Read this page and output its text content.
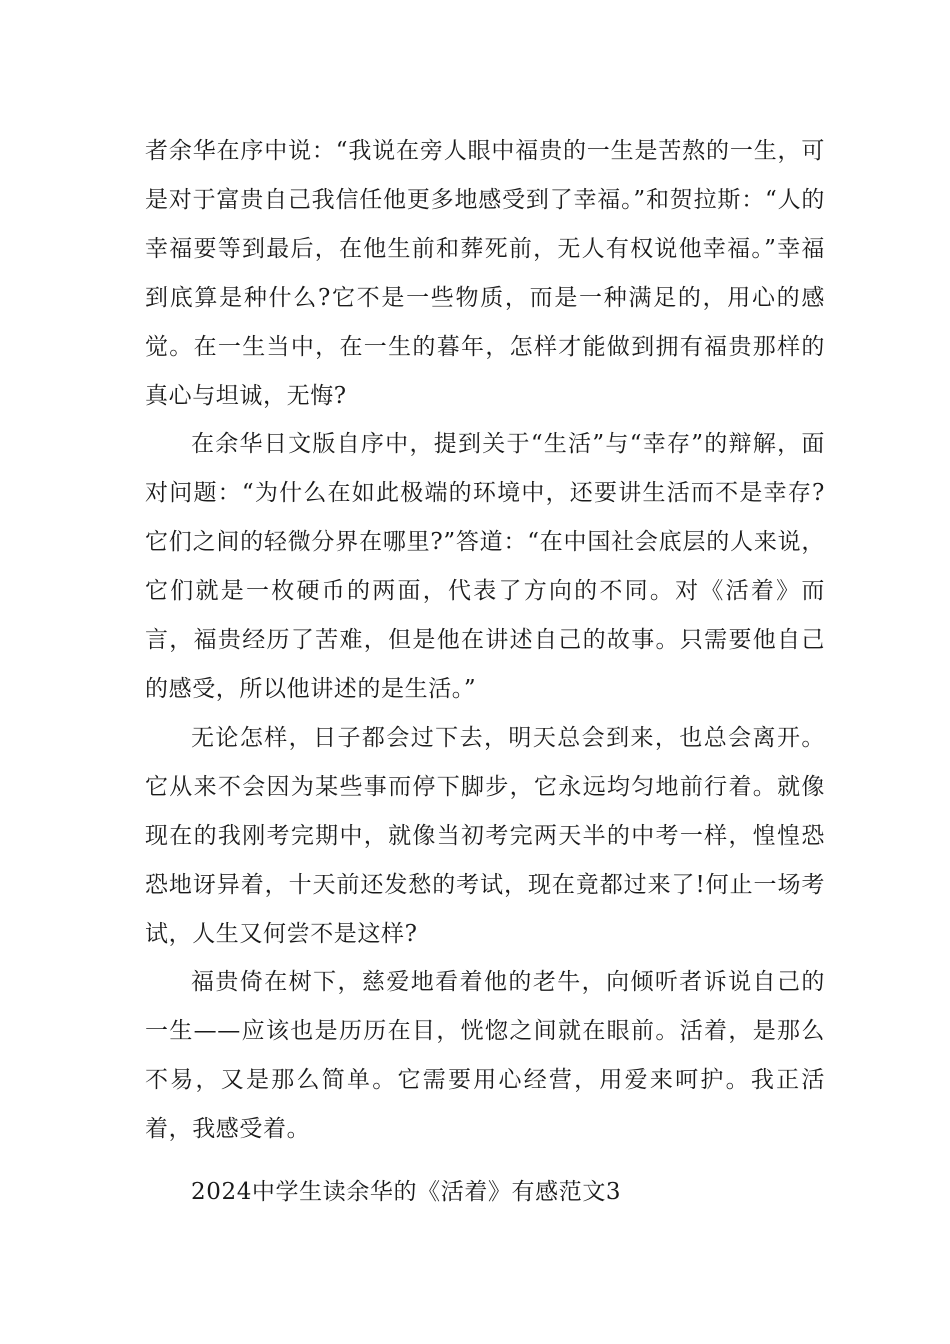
者余华在序中说：“我说在旁人眼中福贵的一生是苦熬的一生，可是对于富贵自己我信任他更多地感受到了幸福。”和贺拉斯：“人的幸福要等到最后，在他生前和葬死前，无人有权说他幸福。”幸福到底算是种什么?它不是一些物质，而是一种满足的，用心的感觉。在一生当中，在一生的暮年，怎样才能做到拥有福贵那样的真心与坦诚，无悔?

在余华日文版自序中，提到关于“生活”与“幸存”的辩解，面对问题：“为什么在如此极端的环境中，还要讲生活而不是幸存?它们之间的轻微分界在哪里?”答道：“在中国社会底层的人来说，它们就是一枚硬币的两面，代表了方向的不同。对《活着》而言，福贵经历了苦难，但是他在讲述自己的故事。只需要他自己的感受，所以他讲述的是生活。”

无论怎样，日子都会过下去，明天总会到来，也总会离开。它从来不会因为某些事而停下脚步，它永远均匀地前行着。就像现在的我刚考完期中，就像当初考完两天半的中考一样，惶惶恐恐地讶异着，十天前还发愁的考试，现在竟都过来了!何止一场考试，人生又何尝不是这样?

福贵倚在树下，慈爱地看着他的老牛，向倾听者诉说自己的一生——应该也是历历在目，恍惚之间就在眼前。活着，是那么不易，又是那么简单。它需要用心经营，用爱来呵护。我正活着，我感受着。

2024中学生读余华的《活着》有感范文3
